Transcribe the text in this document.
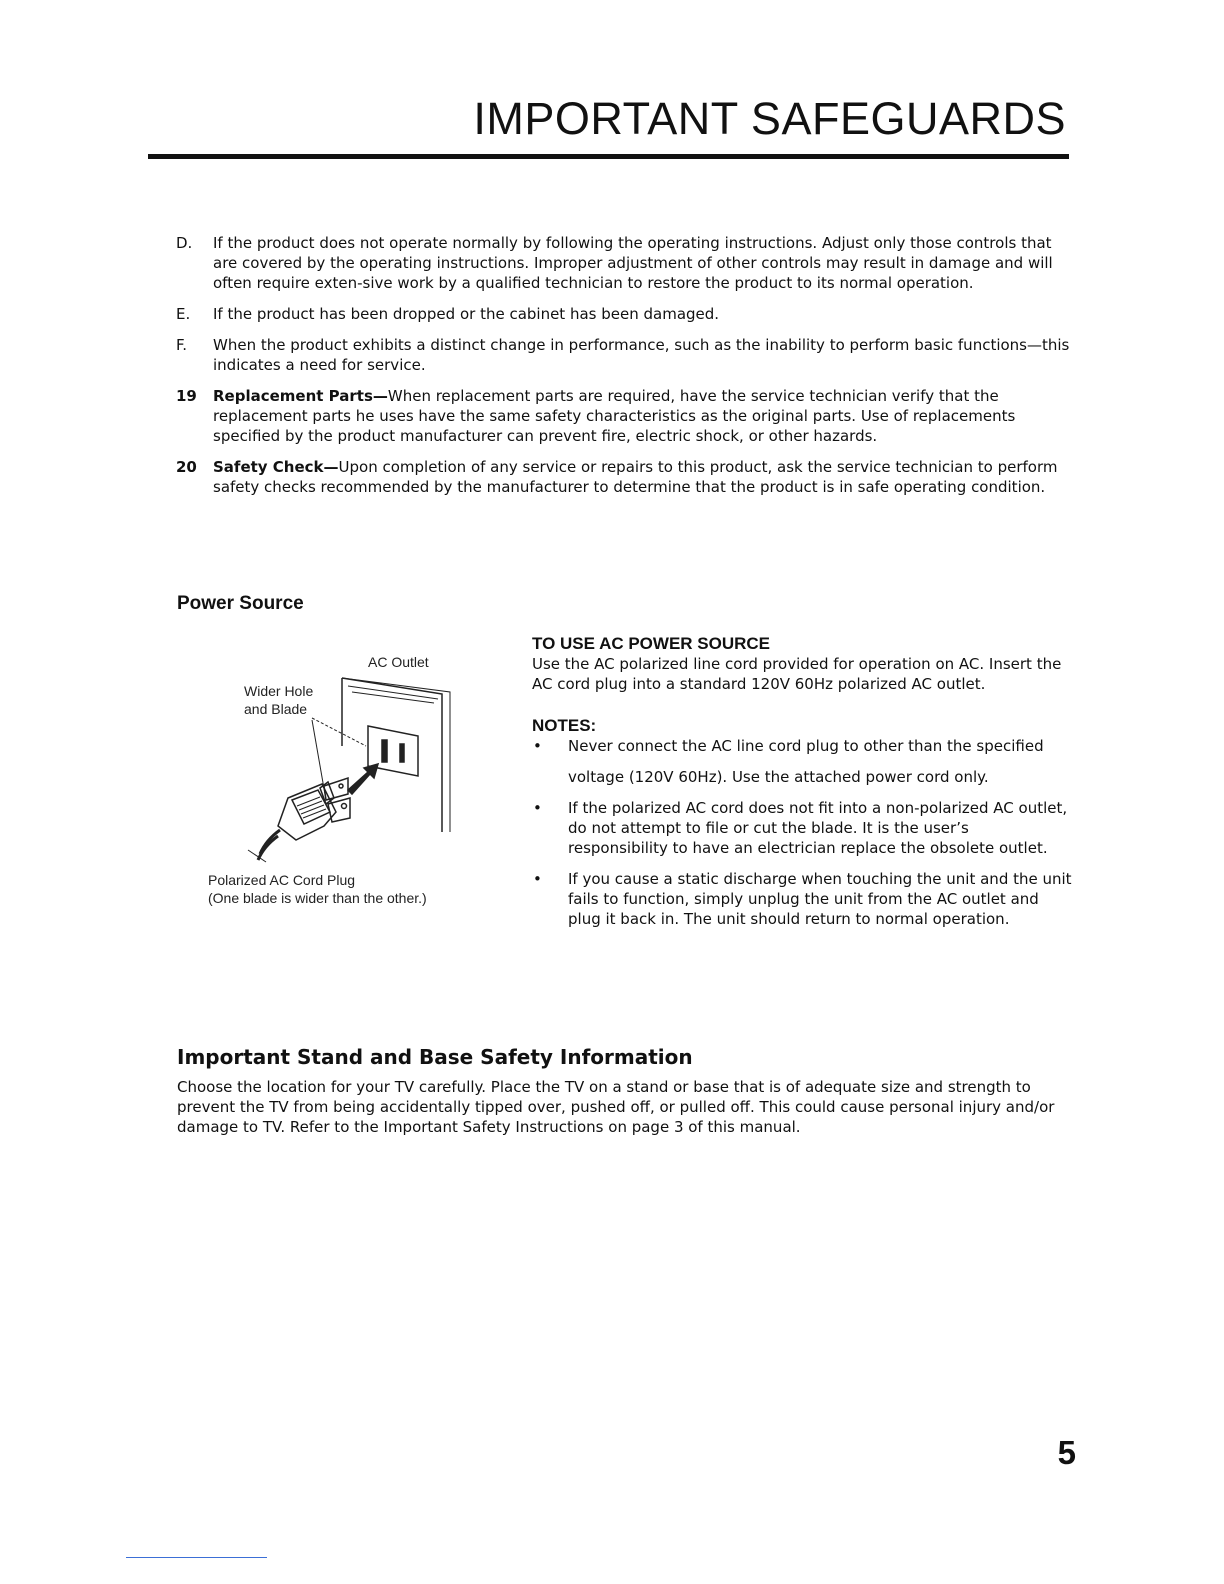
IMPORTANT SAFEGUARDS
D. If the product does not operate normally by following the operating instructions. Adjust only those controls that are covered by the operating instructions. Improper adjustment of other controls may result in damage and will often require exten-sive work by a qualified technician to restore the product to its normal operation.
E. If the product has been dropped or the cabinet has been damaged.
F. When the product exhibits a distinct change in performance, such as the inability to perform basic functions—this indicates a need for service.
19 Replacement Parts—When replacement parts are required, have the service technician verify that the replacement parts he uses have the same safety characteristics as the original parts. Use of replacements specified by the product manufacturer can prevent fire, electric shock, or other hazards.
20 Safety Check—Upon completion of any service or repairs to this product, ask the service technician to perform safety checks recommended by the manufacturer to determine that the product is in safe operating condition.
Power Source
AC Outlet
Wider Hole
and Blade
Polarized AC Cord Plug
(One blade is wider than the other.)
TO USE AC POWER SOURCE

Use the AC polarized line cord provided for operation on AC. Insert the AC cord plug into a standard 120V 60Hz polarized AC outlet.

NOTES:
• Never connect the AC line cord plug to other than the specified
voltage (120V 60Hz). Use the attached power cord only.
• If the polarized AC cord does not fit into a non-polarized AC outlet, do not attempt to file or cut the blade. It is the user’s responsibility to have an electrician replace the obsolete outlet.
• If you cause a static discharge when touching the unit and the unit fails to function, simply unplug the unit from the AC outlet and plug it back in. The unit should return to normal operation.
Important Stand and Base Safety Information

Choose the location for your TV carefully. Place the TV on a stand or base that is of adequate size and strength to prevent the TV from being accidentally tipped over, pushed off, or pulled off. This could cause personal injury and/or damage to TV. Refer to the Important Safety Instructions on page 3 of this manual.

5
